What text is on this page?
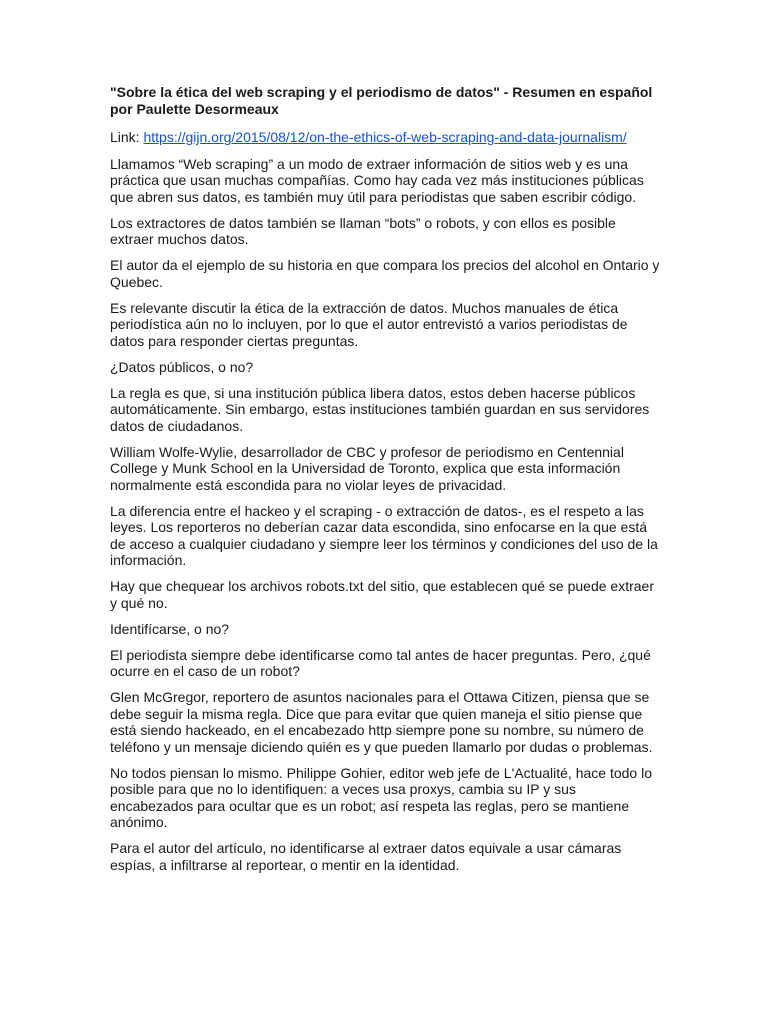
"Sobre la ética del web scraping y el periodismo de datos" - Resumen en español por Paulette Desormeaux
Link: https://gijn.org/2015/08/12/on-the-ethics-of-web-scraping-and-data-journalism/
Llamamos “Web scraping” a un modo de extraer información de sitios web y es una práctica que usan muchas compañías. Como hay cada vez más instituciones públicas que abren sus datos, es también muy útil para periodistas que saben escribir código.
Los extractores de datos también se llaman “bots” o robots, y con ellos es posible extraer muchos datos.
El autor da el ejemplo de su historia en que compara los precios del alcohol en Ontario y Quebec.
Es relevante discutir la ética de la extracción de datos. Muchos manuales de ética periodística aún no lo incluyen, por lo que el autor entrevistó a varios periodistas de datos para responder ciertas preguntas.
¿Datos públicos, o no?
La regla es que, si una institución pública libera datos, estos deben hacerse públicos automáticamente. Sin embargo, estas instituciones también guardan en sus servidores datos de ciudadanos.
William Wolfe-Wylie, desarrollador de CBC y profesor de periodismo en Centennial College y Munk School en la Universidad de Toronto, explica que esta información normalmente está escondida para no violar leyes de privacidad.
La diferencia entre el hackeo y el scraping - o extracción de datos-, es el respeto a las leyes. Los reporteros no deberían cazar data escondida, sino enfocarse en la que está de acceso a cualquier ciudadano y siempre leer los términos y condiciones del uso de la información.
Hay que chequear los archivos robots.txt del sitio, que establecen qué se puede extraer y qué no.
Identifícarse, o no?
El periodista siempre debe identificarse como tal antes de hacer preguntas. Pero, ¿qué ocurre en el caso de un robot?
Glen McGregor, reportero de asuntos nacionales para el Ottawa Citizen, piensa que se debe seguir la misma regla. Dice que para evitar que quien maneja el sitio piense que está siendo hackeado, en el encabezado http siempre pone su nombre, su número de teléfono y un mensaje diciendo quién es y que pueden llamarlo por dudas o problemas.
No todos piensan lo mismo. Philippe Gohier, editor web jefe de L'Actualité, hace todo lo posible para que no lo identifiquen: a veces usa proxys, cambia su IP y sus encabezados para ocultar que es un robot; así respeta las reglas, pero se mantiene anónimo.
Para el autor del artículo, no identificarse al extraer datos equivale a usar cámaras espías, a infiltrarse al reportear, o mentir en la identidad.
